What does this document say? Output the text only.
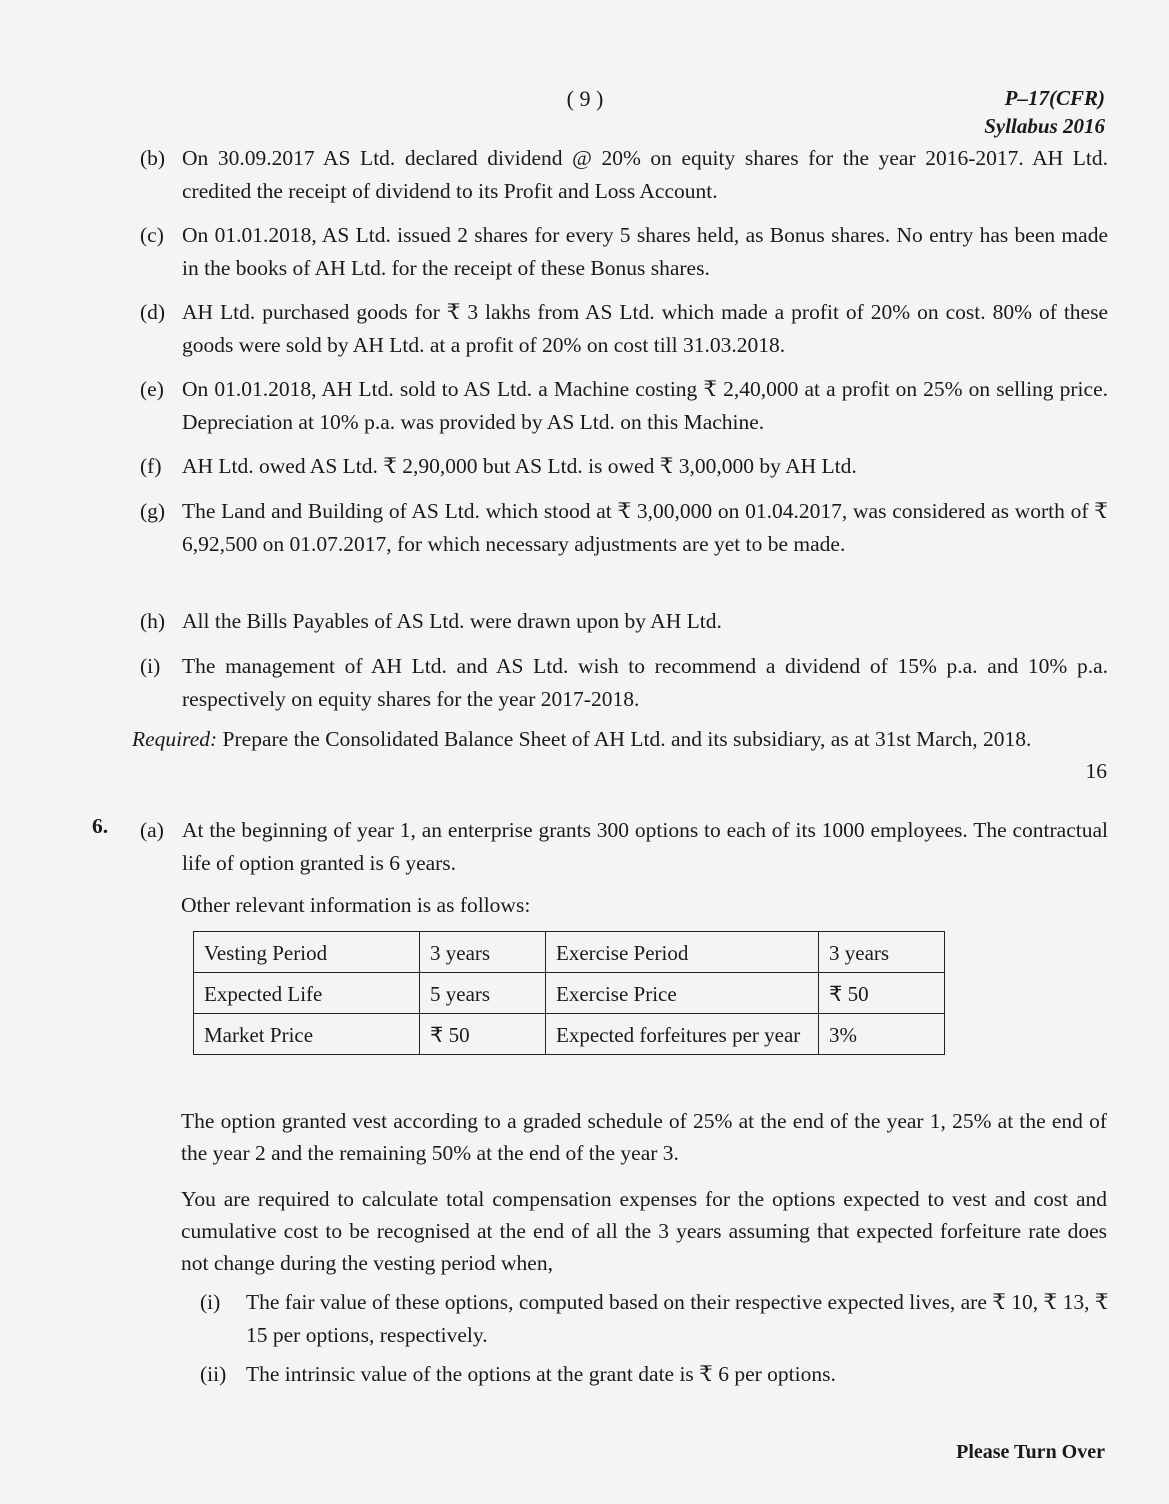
( 9 )	P–17(CFR)
Syllabus 2016
(b) On 30.09.2017 AS Ltd. declared dividend @ 20% on equity shares for the year 2016-2017. AH Ltd. credited the receipt of dividend to its Profit and Loss Account.
(c) On 01.01.2018, AS Ltd. issued 2 shares for every 5 shares held, as Bonus shares. No entry has been made in the books of AH Ltd. for the receipt of these Bonus shares.
(d) AH Ltd. purchased goods for ₹ 3 lakhs from AS Ltd. which made a profit of 20% on cost. 80% of these goods were sold by AH Ltd. at a profit of 20% on cost till 31.03.2018.
(e) On 01.01.2018, AH Ltd. sold to AS Ltd. a Machine costing ₹ 2,40,000 at a profit on 25% on selling price. Depreciation at 10% p.a. was provided by AS Ltd. on this Machine.
(f) AH Ltd. owed AS Ltd. ₹ 2,90,000 but AS Ltd. is owed ₹ 3,00,000 by AH Ltd.
(g) The Land and Building of AS Ltd. which stood at ₹ 3,00,000 on 01.04.2017, was considered as worth of ₹ 6,92,500 on 01.07.2017, for which necessary adjustments are yet to be made.
(h) All the Bills Payables of AS Ltd. were drawn upon by AH Ltd.
(i)	The management of AH Ltd. and AS Ltd. wish to recommend a dividend of 15% p.a. and 10% p.a. respectively on equity shares for the year 2017-2018.
Required: Prepare the Consolidated Balance Sheet of AH Ltd. and its subsidiary, as at 31st March, 2018.
16
6. (a) At the beginning of year 1, an enterprise grants 300 options to each of its 1000 employees. The contractual life of option granted is 6 years.
Other relevant information is as follows:
Vesting Period	3 years	Exercise Period	3 years
Expected Life	5 years	Exercise Price	₹ 50
Market Price	₹ 50	Expected forfeitures per year	3%
The option granted vest according to a graded schedule of 25% at the end of the year 1, 25% at the end of the year 2 and the remaining 50% at the end of the year 3.
You are required to calculate total compensation expenses for the options expected to vest and cost and cumulative cost to be recognised at the end of all the 3 years assuming that expected forfeiture rate does not change during the vesting period when,
(i)	The fair value of these options, computed based on their respective expected lives, are ₹ 10, ₹ 13, ₹ 15 per options, respectively.
(ii) The intrinsic value of the options at the grant date is ₹ 6 per options.
Please Turn Over
